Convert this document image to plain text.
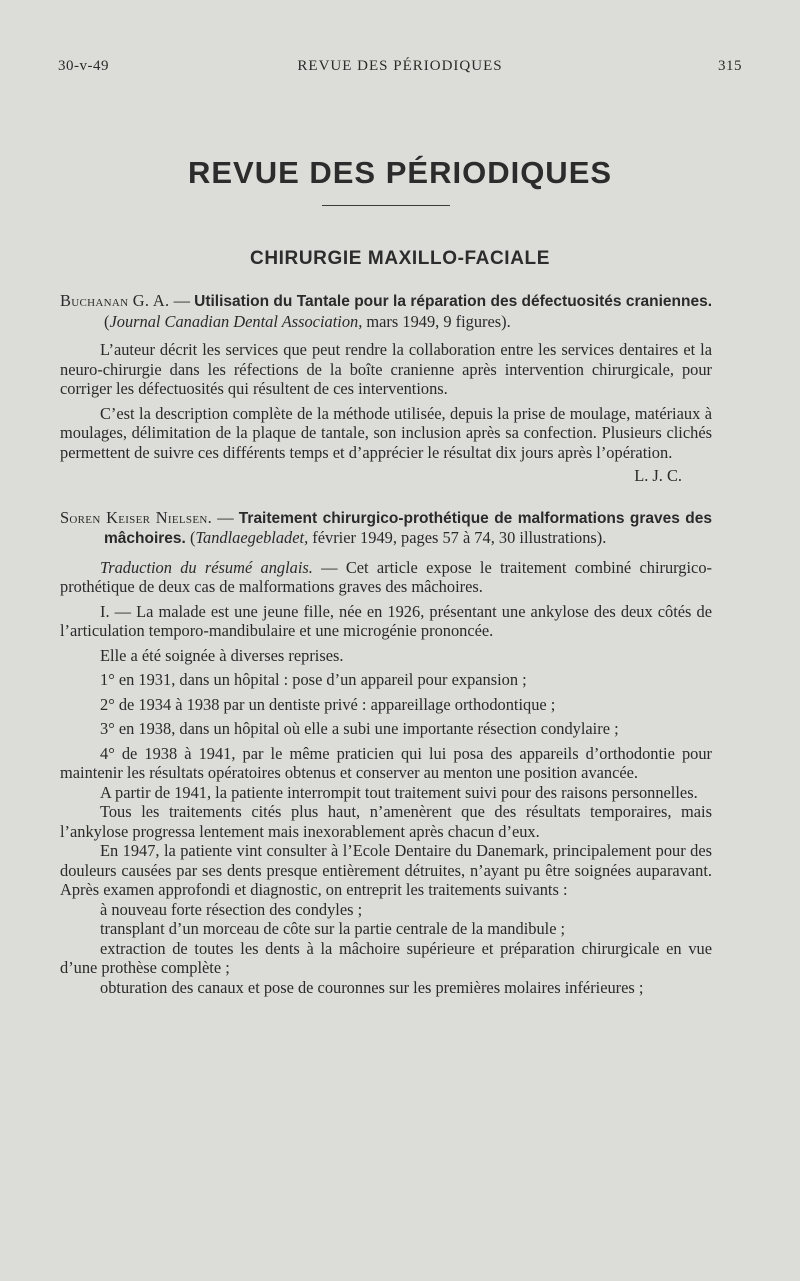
30-v-49	REVUE DES PÉRIODIQUES	315
REVUE DES PÉRIODIQUES
CHIRURGIE MAXILLO-FACIALE

Buchanan G. A. — Utilisation du Tantale pour la réparation des défectuosités craniennes. (Journal Canadian Dental Association, mars 1949, 9 figures).

L’auteur décrit les services que peut rendre la collaboration entre les services dentaires et la neuro-chirurgie dans les réfections de la boîte cranienne après intervention chirurgicale, pour corriger les défectuosités qui résultent de ces interventions.

C’est la description complète de la méthode utilisée, depuis la prise de moulage, matériaux à moulages, délimitation de la plaque de tantale, son inclusion après sa confection. Plusieurs clichés permettent de suivre ces différents temps et d’apprécier le résultat dix jours après l’opération.

L. J. C.

Soren Keiser Nielsen. — Traitement chirurgico-prothétique de malformations graves des mâchoires. (Tandlaegebladet, février 1949, pages 57 à 74, 30 illustrations).

Traduction du résumé anglais. — Cet article expose le traitement combiné chirurgico-prothétique de deux cas de malformations graves des mâchoires.

I. — La malade est une jeune fille, née en 1926, présentant une ankylose des deux côtés de l’articulation temporo-mandibulaire et une microgénie prononcée.

Elle a été soignée à diverses reprises.

1° en 1931, dans un hôpital : pose d’un appareil pour expansion ;

2° de 1934 à 1938 par un dentiste privé : appareillage orthodontique ;

3° en 1938, dans un hôpital où elle a subi une importante résection condylaire ;

4° de 1938 à 1941, par le même praticien qui lui posa des appareils d’orthodontie pour maintenir les résultats opératoires obtenus et conserver au menton une position avancée.

A partir de 1941, la patiente interrompit tout traitement suivi pour des raisons personnelles.

Tous les traitements cités plus haut, n’amenèrent que des résultats temporaires, mais l’ankylose progressa lentement mais inexorablement après chacun d’eux.

En 1947, la patiente vint consulter à l’Ecole Dentaire du Danemark, principalement pour des douleurs causées par ses dents presque entièrement détruites, n’ayant pu être soignées auparavant. Après examen approfondi et diagnostic, on entreprit les traitements suivants :

à nouveau forte résection des condyles ;

transplant d’un morceau de côte sur la partie centrale de la mandibule ;

extraction de toutes les dents à la mâchoire supérieure et préparation chirurgicale en vue d’une prothèse complète ;

obturation des canaux et pose de couronnes sur les premières molaires inférieures ;
